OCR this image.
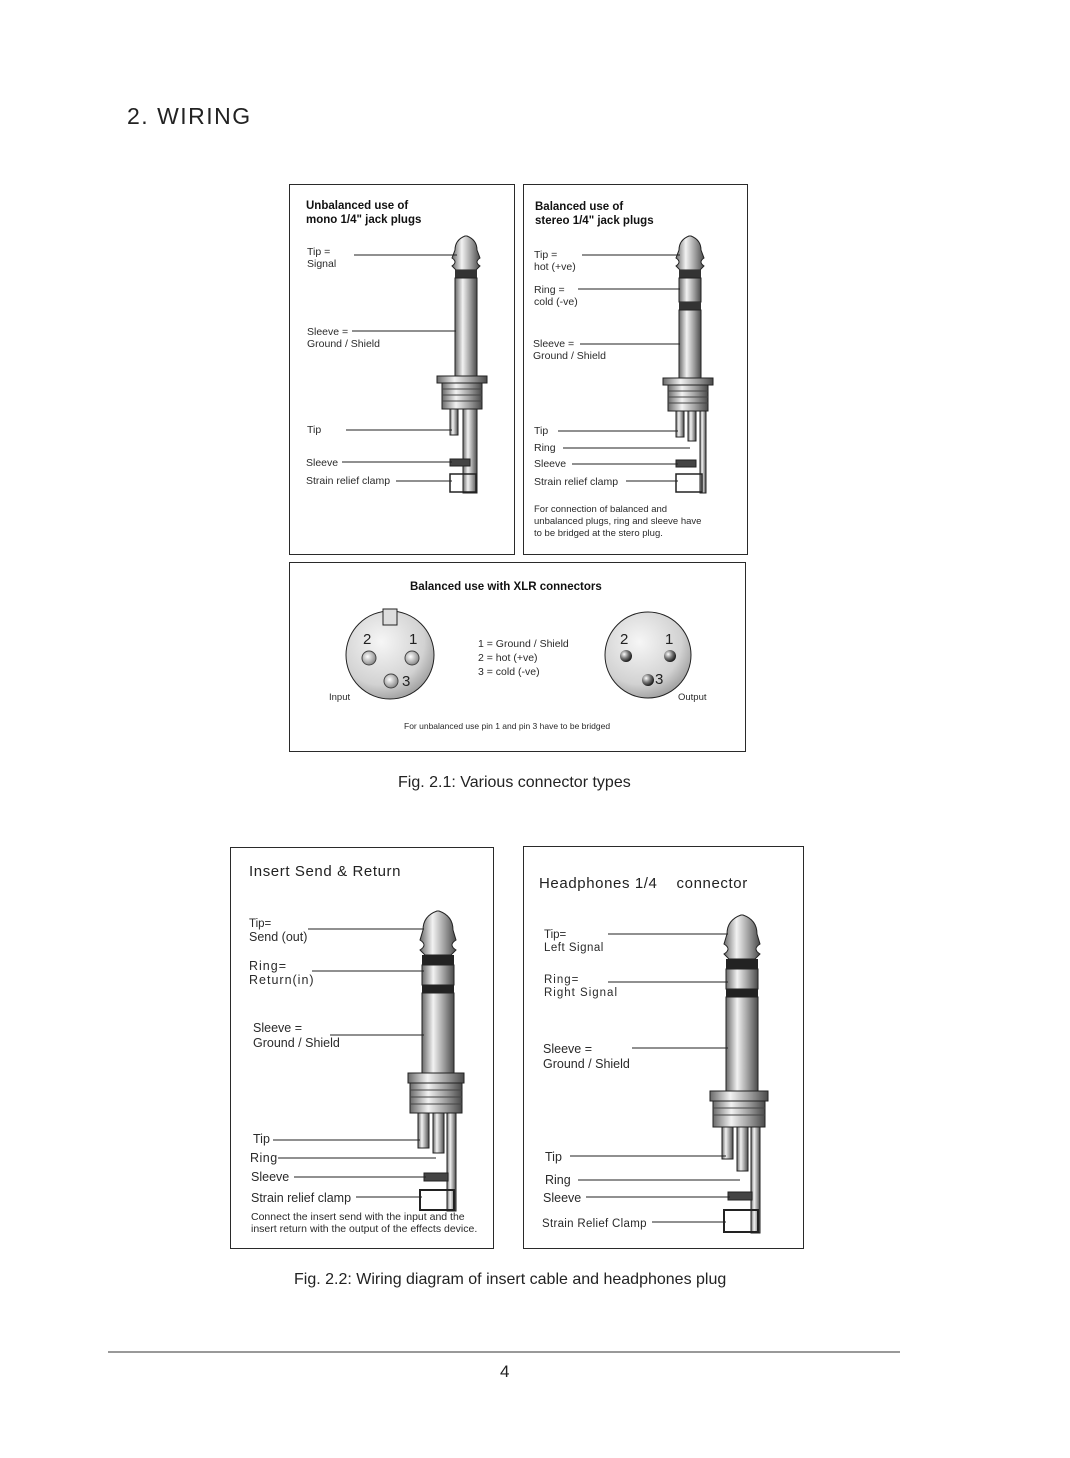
2. WIRING
Unbalanced use of
mono 1/4" jack plugs
Tip =
Signal
Sleeve =
Ground / Shield
Tip
Sleeve
Strain relief clamp
Balanced use of
stereo 1/4" jack plugs
Tip =
hot (+ve)
Ring =
cold (-ve)
Sleeve =
Ground / Shield
Tip
Ring
Sleeve
Strain relief clamp
For connection of balanced and
unbalanced plugs, ring and sleeve have
to be bridged at the stero plug.
Balanced use with XLR connectors
2	1
3
2 1
3
1 = Ground / Shield
2 = hot (+ve)
3 = cold (-ve)
Input	Output
For unbalanced use pin 1 and pin 3 have to be bridged
Fig. 2.1: Various connector types
Insert Send & Return
Tip=
Send (out)
Ring=
Return(in)
Sleeve =
Ground / Shield
Tip
Ring
Sleeve
Strain relief clamp
Connect the insert send with the input and the
insert return with the output of the effects device.
Headphones 1/4    connector
Tip=
Left Signal
Ring=
Right Signal
Sleeve =
Ground / Shield
Tip
Ring
Sleeve
Strain Relief Clamp
Fig. 2.2: Wiring diagram of insert cable and headphones plug
4
